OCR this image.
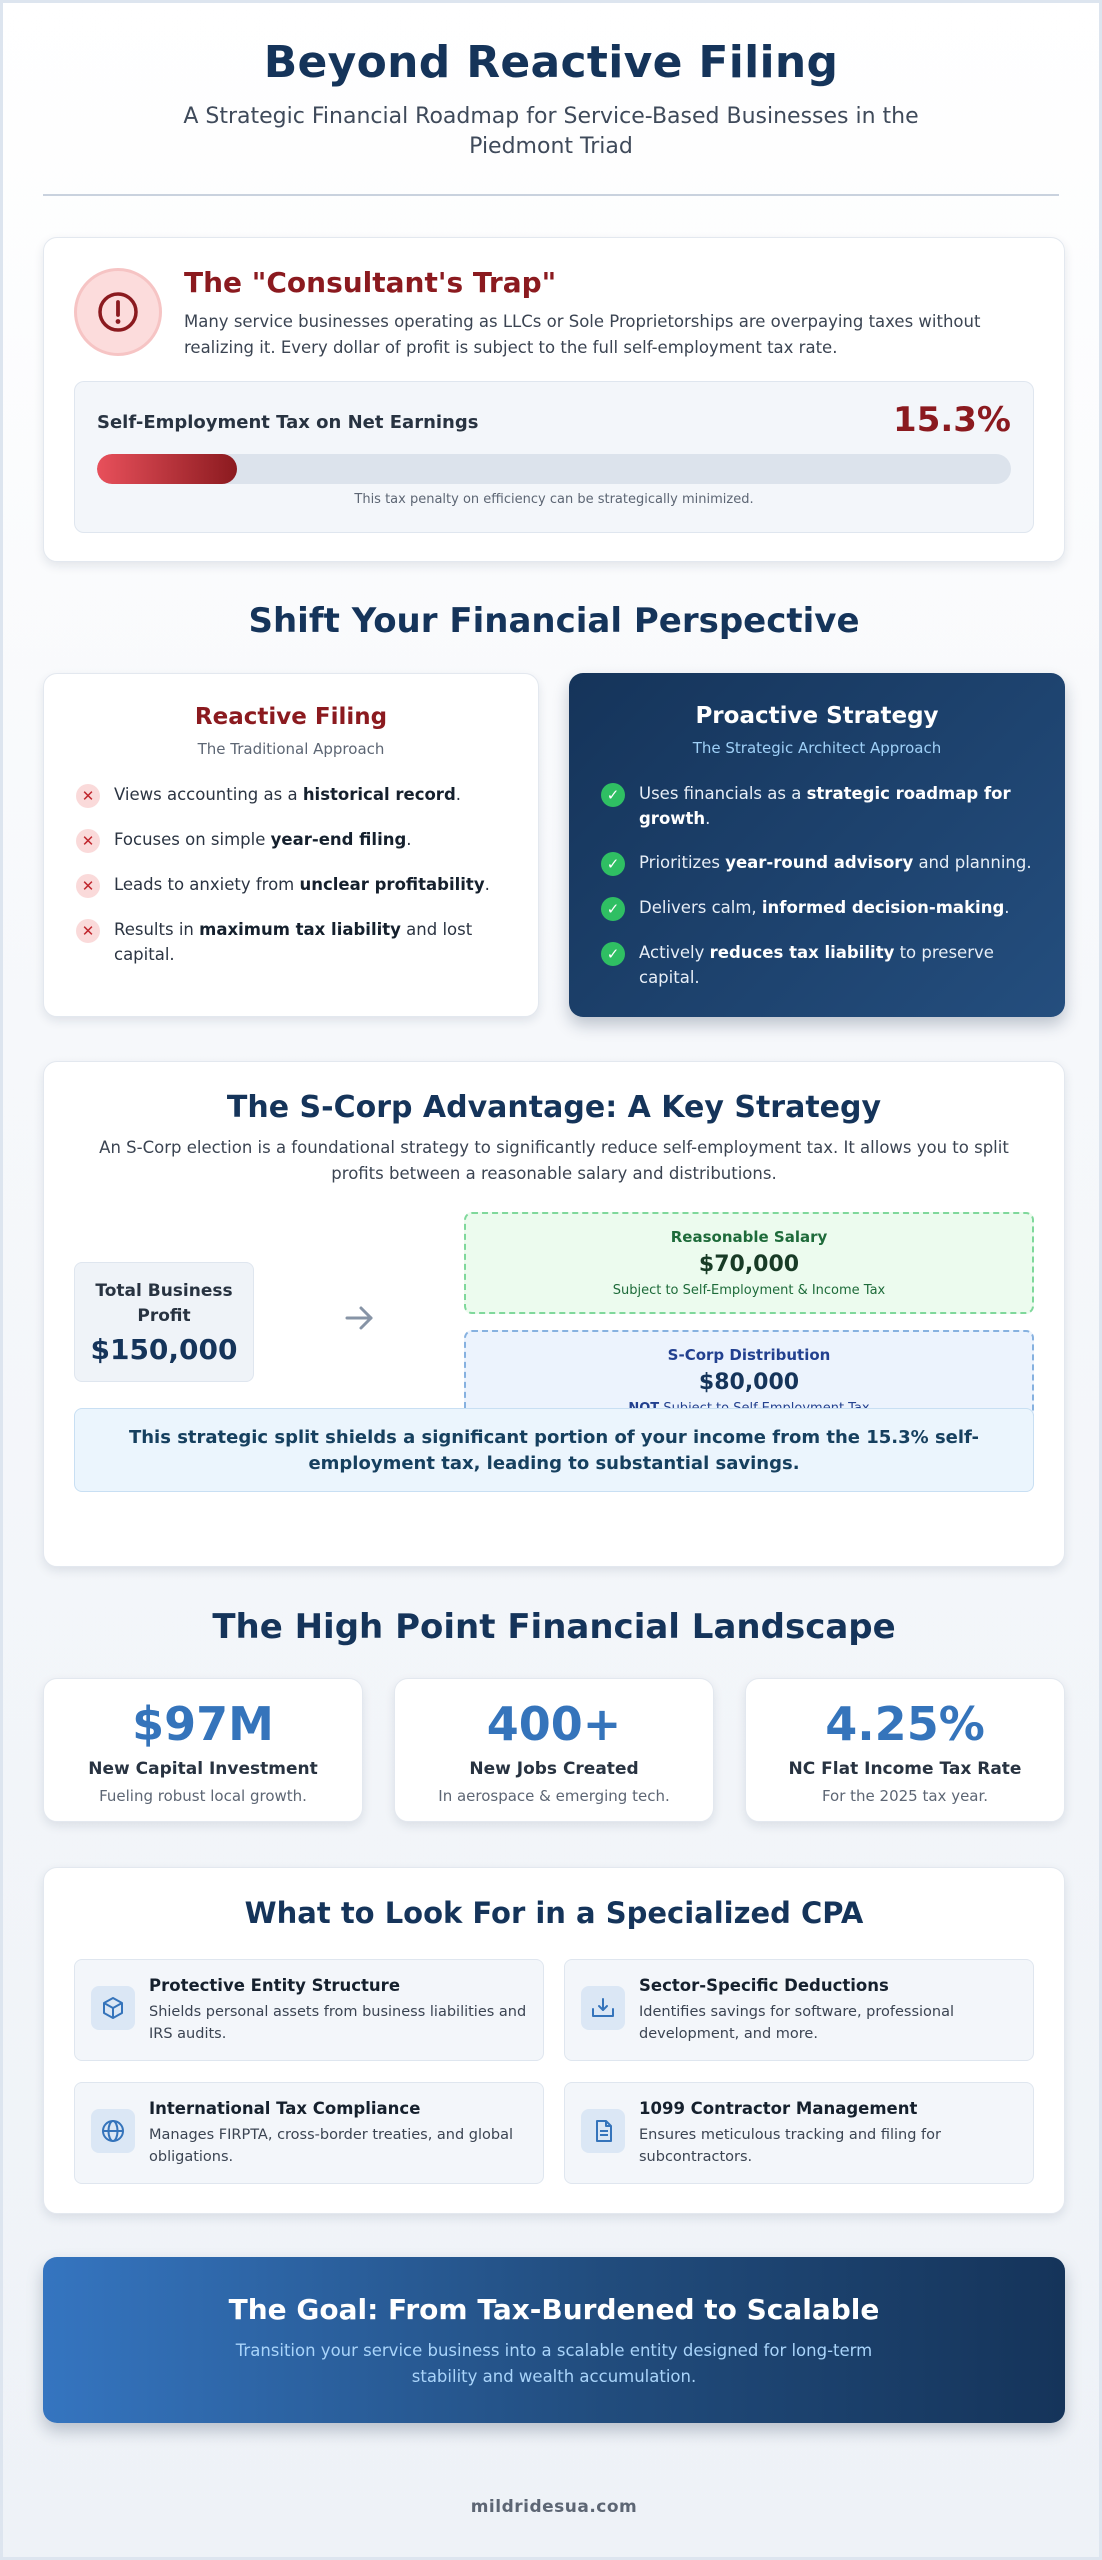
Beyond Reactive Filing

A Strategic Financial Roadmap for Service-Based Businesses in the Piedmont Triad

The "Consultant's Trap"

Many service businesses operating as LLCs or Sole Proprietorships are overpaying taxes without realizing it. Every dollar of profit is subject to the full self-employment tax rate.

Self-Employment Tax on Net Earnings	15.3%

This tax penalty on efficiency can be strategically minimized.

Shift Your Financial Perspective
Reactive Filing

The Traditional Approach

✕	Views accounting as a historical record.
✕	Focuses on simple year-end filing.
✕	Leads to anxiety from unclear profitability.
✕	Results in maximum tax liability and lost capital.
Proactive Strategy

The Strategic Architect Approach

✓	Uses financials as a strategic roadmap for growth.
✓	Prioritizes year-round advisory and planning.
✓	Delivers calm, informed decision-making.
✓	Actively reduces tax liability to preserve capital.
The S-Corp Advantage: A Key Strategy

An S-Corp election is a foundational strategy to significantly reduce self-employment tax. It allows you to split profits between a reasonable salary and distributions.

Total Business Profit
$150,000
Reasonable Salary
$70,000
Subject to Self-Employment & Income Tax
S-Corp Distribution
$80,000
This strategic split shields a significant portion of your income from the 15.3% self-employment tax, leading to substantial savings.
The High Point Financial Landscape
$97M
New Capital Investment
Fueling robust local growth.
400+
New Jobs Created
In aerospace & emerging tech.
4.25%
NC Flat Income Tax Rate
For the 2025 tax year.
What to Look For in a Specialized CPA
Protective Entity Structure
Shields personal assets from business liabilities and IRS audits.
Sector-Specific Deductions
Identifies savings for software, professional development, and more.
International Tax Compliance
Manages FIRPTA, cross-border treaties, and global obligations.
1099 Contractor Management
Ensures meticulous tracking and filing for subcontractors.
The Goal: From Tax-Burdened to Scalable

Transition your service business into a scalable entity designed for long-term stability and wealth accumulation.

mildridesua.com
